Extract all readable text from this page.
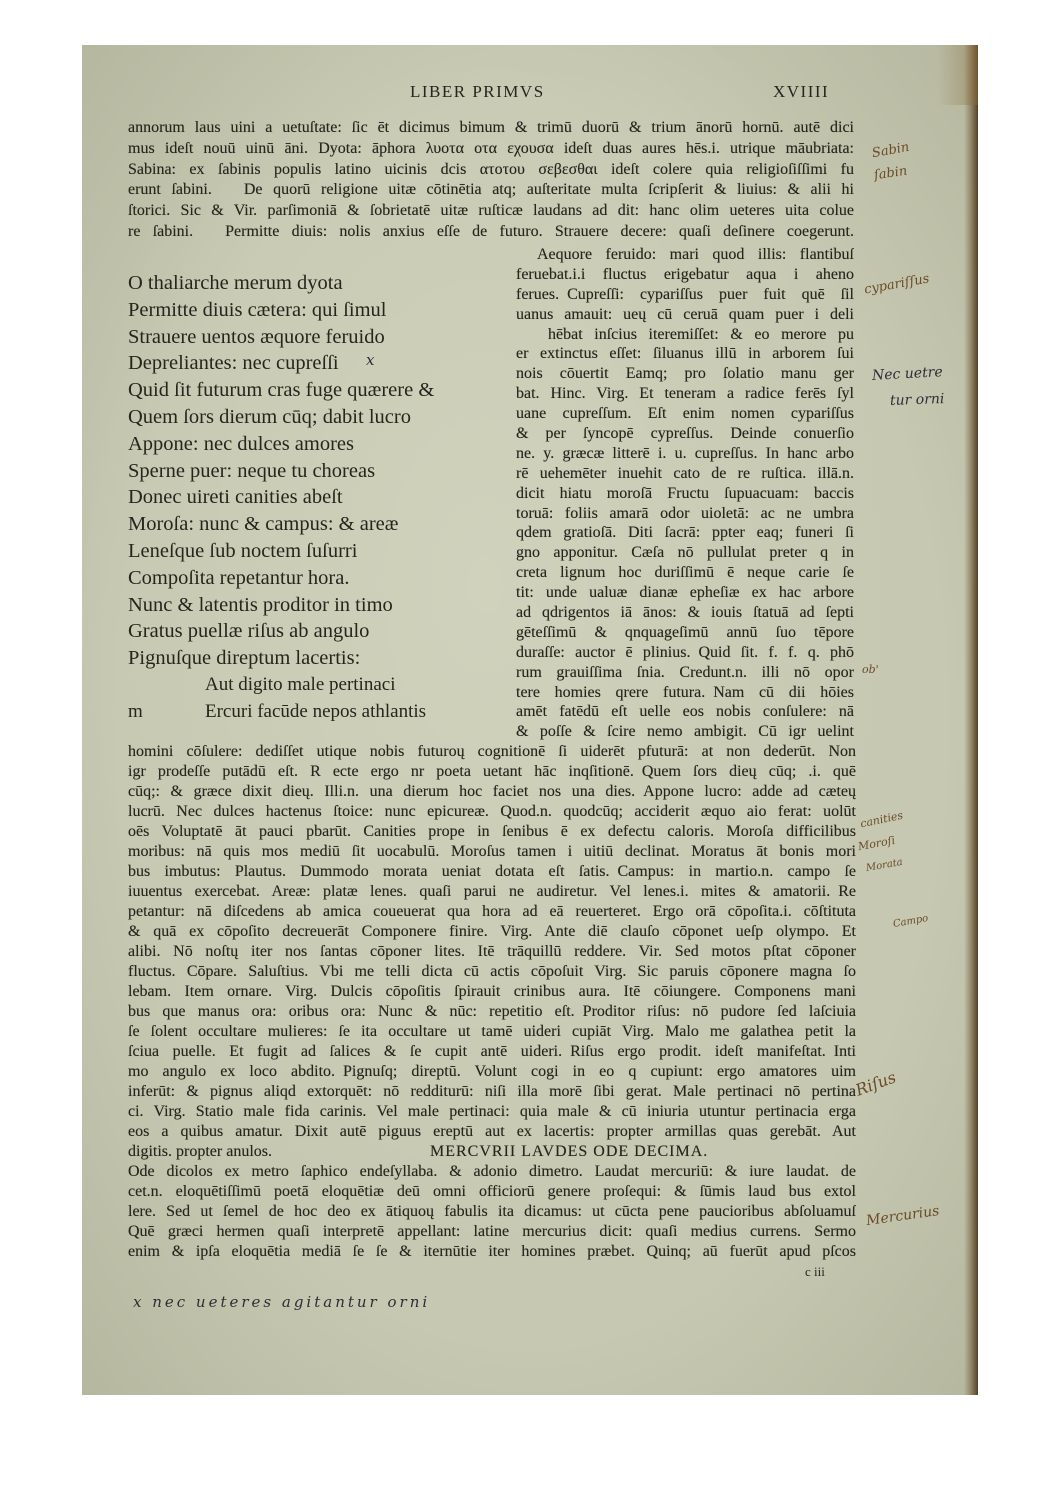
LIBER PRIMVS	XVIIII
annorum laus uini a uetuſtate: ſic ēt dicimus bimum & trimū duorū & trium ānorū hornū. autē dici
mus ideſt nouū uinū āni. Dyota: āphora λυοτα οτα εχουσα ideſt duas aures hēs.i. utrique māubriata:
Sabina: ex ſabinis populis latino uicinis dcis ατοτου σεβεσθαι ideſt colere quia religioſiſſimi fu
erunt ſabini.  De quorū religione uitæ cōtinētia atq; auſteritate multa ſcripſerit & liuius: & alii hi
ſtorici. Sic & Vir. parſimoniā & ſobrietatē uitæ ruſticæ laudans ad dit: hanc olim ueteres uita colue
re ſabini.  Permitte diuis: nolis anxius eſſe de futuro. Strauere decere: quaſi deſinere coegerunt.
O thaliarche merum dyota
Permitte diuis cætera: qui ſimul
Strauere uentos æquore feruido
Depreliantes: nec cupreſſi
Quid ſit futurum cras fuge quærere &
Quem ſors dierum cūq; dabit lucro
Appone: nec dulces amores
Sperne puer: neque tu choreas
Donec uireti canities abeſt
Moroſa: nunc & campus: & areæ
Leneſque ſub noctem ſuſurri
Compoſita repetantur hora.
Nunc & latentis proditor in timo
Gratus puellæ riſus ab angulo
Pignuſque direptum lacertis:
Aut digito male pertinaci
m	Ercuri facūde nepos athlantis
Aequore feruido: mari quod illis: flantibuſ
feruebat.i.i fluctus erigebatur aqua i aheno
ferues. Cupreſſi: cypariſſus puer fuit quē ſil
uanus amauit: ueų cū ceruā quam puer i deli
hēbat inſcius iteremiſſet: & eo merore pu
er extinctus eſſet: ſiluanus illū in arborem ſui
nois cōuertit Eamq; pro ſolatio manu ger
bat. Hinc. Virg. Et teneram a radice ferēs ſyl
uane cupreſſum. Eſt enim nomen cypariſſus
& per ſyncopē cypreſſus. Deinde conuerſio
ne. y. græcæ litterē i. u. cupreſſus. In hanc arbo
rē uehemēter inuehit cato de re ruſtica. illā.n.
dicit hiatu moroſā Fructu ſupuacuam: baccis
toruā: foliis amarā odor uioletā: ac ne umbra
qdem gratioſā. Diti ſacrā: ppter eaq; funeri ſi
gno apponitur. Cæſa nō pullulat preter q in
creta lignum hoc duriſſimū ē neque carie ſe
tit: unde ualuæ dianæ epheſiæ ex hac arbore
ad qdrigentos iā ānos: & iouis ſtatuā ad ſepti
gēteſſimū & qnquageſimū annū ſuo tēpore
duraſſe: auctor ē plinius. Quid ſit. f. f. q. phō
rum grauiſſima ſnia. Credunt.n. illi nō opor
tere homies qrere futura. Nam cū dii hōies
amēt fatēdū eſt uelle eos nobis conſulere: nā
& poſſe & ſcire nemo ambigit. Cū igr uelint
homini cōſulere: dediſſet utique nobis futuroų cognitionē ſi uiderēt pfuturā: at non dederūt. Non
igr prodeſſe putādū eſt. R ecte ergo nr poeta uetant hāc inqſitionē. Quem ſors dieų cūq; .i. quē
cūq;: & græce dixit dieų. Illi.n. una dierum hoc faciet nos una dies. Appone lucro: adde ad cæteų
lucrū. Nec dulces hactenus ſtoice: nunc epicureæ. Quod.n. quodcūq; acciderit æquo aio ferat: uolūt
oēs Voluptatē āt pauci pbarūt. Canities prope in ſenibus ē ex defectu caloris. Moroſa difficilibus
moribus: nā quis mos mediū ſit uocabulū. Moroſus tamen i uitiū declinat. Moratus āt bonis mori
bus imbutus: Plautus. Dummodo morata ueniat dotata eſt ſatis. Campus: in martio.n. campo ſe
iuuentus exercebat. Areæ: platæ lenes. quaſi parui ne audiretur. Vel lenes.i. mites & amatorii. Re
petantur: nā diſcedens ab amica coueuerat qua hora ad eā reuerteret. Ergo orā cōpoſita.i. cōſtituta
& quā ex cōpoſito decreuerāt Componere finire. Virg. Ante diē clauſo cōponet ueſp olympo. Et
alibi. Nō noſtų iter nos ſantas cōponer lites. Itē trāquillū reddere. Vir. Sed motos pſtat cōponer
fluctus. Cōpare. Saluſtius. Vbi me telli dicta cū actis cōpoſuit Virg. Sic paruis cōponere magna ſo
lebam. Item ornare. Virg. Dulcis cōpoſitis ſpirauit crinibus aura. Itē cōiungere. Componens mani
bus que manus ora: oribus ora: Nunc & nūc: repetitio eſt. Proditor riſus: nō pudore ſed laſciuia
ſe ſolent occultare mulieres: ſe ita occultare ut tamē uideri cupiāt Virg. Malo me galathea petit la
ſciua puelle. Et fugit ad ſalices & ſe cupit antē uideri. Riſus ergo prodit. ideſt manifeſtat. Inti
mo angulo ex loco abdito. Pignuſq; direptū. Volunt cogi in eo q cupiunt: ergo amatores uim
inferūt: & pignus aliqd extorquēt: nō redditurū: niſi illa morē ſibi gerat. Male pertinaci nō pertina
ci. Virg. Statio male fida carinis. Vel male pertinaci: quia male & cū iniuria utuntur pertinacia erga
eos a quibus amatur. Dixit autē piguus ereptū aut ex lacertis: propter armillas quas gerebāt. Aut
digitis. propter anulos.	MERCVRII LAVDES ODE DECIMA.
Ode dicolos ex metro ſaphico endeſyllaba. & adonio dimetro. Laudat mercuriū: & iure laudat. de
cet.n. eloquētiſſimū poetā eloquētiæ deū omni officiorū genere proſequi: & ſūmis laud bus extol
lere. Sed ut ſemel de hoc deo ex ātiquoų fabulis ita dicamus: ut cūcta pene paucioribus abſoluamuſ
Quē græci hermen quaſi interpretē appellant: latine mercurius dicit: quaſi medius currens. Sermo
enim & ipſa eloquētia mediā ſe ſe & iternūtie iter homines præbet. Quinq; aū fuerūt apud pſcos
c iii
Sabin
ſabin
cypariſſus
Nec uetre
tur orni
x
ob'
canities
Moroſi
Morata
Campo
Riſus
Mercurius
x nec ueteres agitantur orni
